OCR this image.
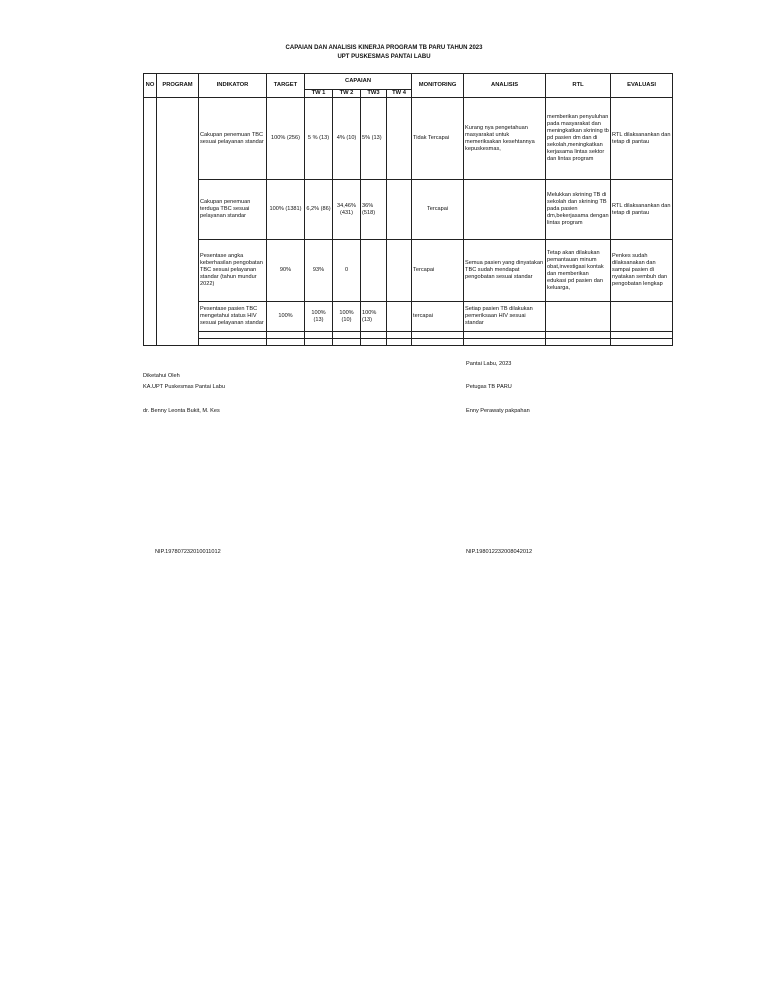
CAPAIAN DAN ANALISIS KINERJA PROGRAM TB PARU TAHUN 2023
UPT PUSKESMAS PANTAI LABU
NO	PROGRAM	INDIKATOR	TARGET	CAPAIAN				MONITORING	ANALISIS	RTL	EVALUASI
				TW 1	TW 2	TW3	TW 4				
		Cakupan penemuan TBC sesuai pelayanan standar	100% (256)	5 % (13)	4% (10)	5% (13)		Tidak Tercapai	Kurang nya pengetahuan masyarakat untuk memeriksakan kesehtannya kepuskesmas,	memberikan penyuluhan pada masyarakat dan meningkatkan skrining tb pd pasien dm dan di sekolah,meningkatkan kerjasama lintas sektor dan lintas program	RTL dilaksanankan dan tetap di pantau
		Cakupan penemuan terduga TBC sesuai pelayanan standar	100% (1381)	6,2% (86)	34,46% (431)	36% (518)		Tercapai		Melukkan skrining TB di sekolah dan skrining TB pada pasien dm,bekerjasama dengan lintas program	RTL dilaksanankan dan tetap di pantau
		Pesentase angka keberhasilan pengobatan TBC sesuai pelayanan standar (tahun mundur 2022)	90%	93%	0			Tercapai	Semua pasien yang dinyatakan TBC sudah mendapat pengobatan sesuai standar	Tetap akan dilakukan pemantauan minum obat,investigasi kontak dan memberikan edukasi pd pasien dan keluarga,	Penkes sudah dilaksanakan dan sampai pasien di nyatakan sembuh dan pengobatan lengkap
		Pesentase pasien TBC mengetahui status HIV sesuai pelayanan standar	100%	100% (13)	100% (10)	100% (13)		tercapai	Setiap pasien TB dilakukan pemeriksaan HIV sesuai standar		

Pantai Labu, 2023
Diketahui Oleh
KA.UPT Puskesmas Pantai Labu	Petugas TB PARU
dr. Benny Leonta Bukit, M. Kes	Enny Perawaty pakpahan
NIP.197807232010011012	NIP.198012232008042012
